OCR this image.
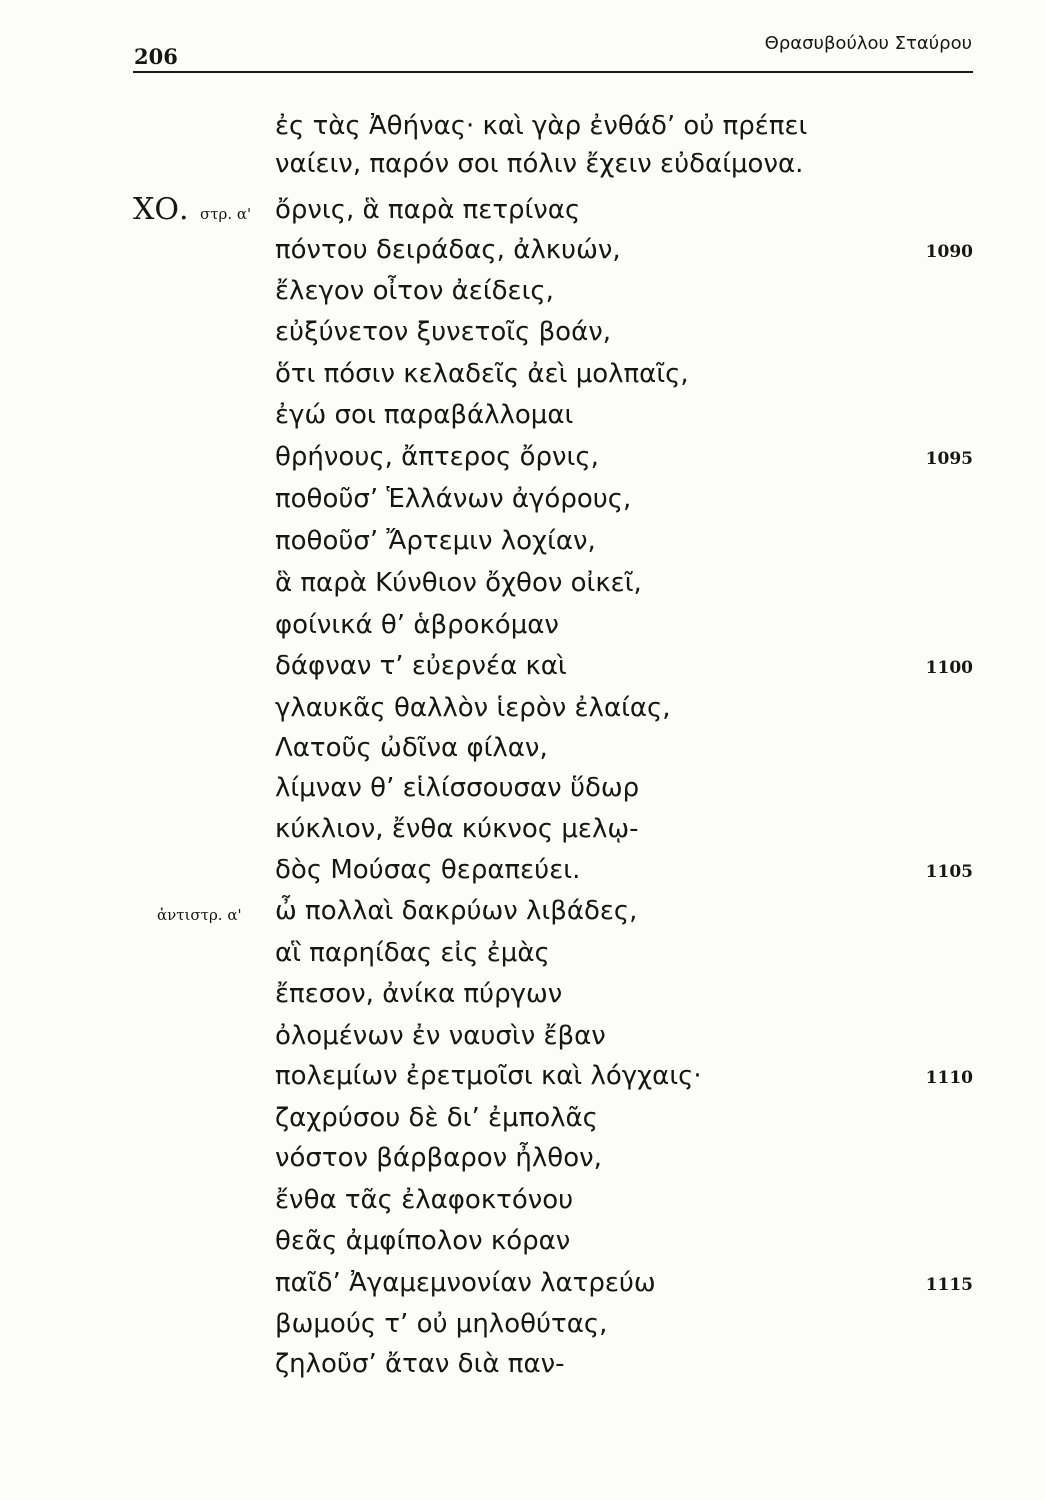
206
Θρασυβούλου Σταύρου
ἐς τὰς Ἀθήνας· καὶ γὰρ ἐνθάδ’ οὐ πρέπει
ναίειν, παρόν σοι πόλιν ἔχειν εὐδαίμονα.
ΧΟ. στρ. α' ὄρνις, ἃ παρὰ πετρίνας
πόντου δειράδας, ἀλκυών,	1090
ἔλεγον οἶτον ἀείδεις,
εὐξύνετον ξυνετοῖς βοάν,
ὅτι πόσιν κελαδεῖς ἀεὶ μολπαῖς,
ἐγώ σοι παραβάλλομαι
θρήνους, ἄπτερος ὄρνις,	1095
ποθοῦσ’ Ἑλλάνων ἀγόρους,
ποθοῦσ’ Ἄρτεμιν λοχίαν,
ἃ παρὰ Κύνθιον ὄχθον οἰκεῖ,
φοίνικά θ’ ἁβροκόμαν
δάφναν τ’ εὐερνέα καὶ	1100
γλαυκᾶς θαλλὸν ἱερὸν ἐλαίας,
Λατοῦς ὠδῖνα φίλαν,
λίμναν θ’ εἱλίσσουσαν ὕδωρ
κύκλιον, ἔνθα κύκνος μελῳ-
δὸς Μούσας θεραπεύει.	1105
ἀντιστρ. α' ὦ πολλαὶ δακρύων λιβάδες,
αἳ παρηίδας εἰς ἐμὰς
ἔπεσον, ἀνίκα πύργων
ὀλομένων ἐν ναυσὶν ἔβαν
πολεμίων ἐρετμοῖσι καὶ λόγχαις·	1110
ζαχρύσου δὲ δι’ ἐμπολᾶς
νόστον βάρβαρον ἦλθον,
ἔνθα τᾶς ἐλαφοκτόνου
θεᾶς ἀμφίπολον κόραν
παῖδ’ Ἀγαμεμνονίαν λατρεύω	1115
βωμούς τ’ οὐ μηλοθύτας,
ζηλοῦσ’ ἄταν διὰ παν-
